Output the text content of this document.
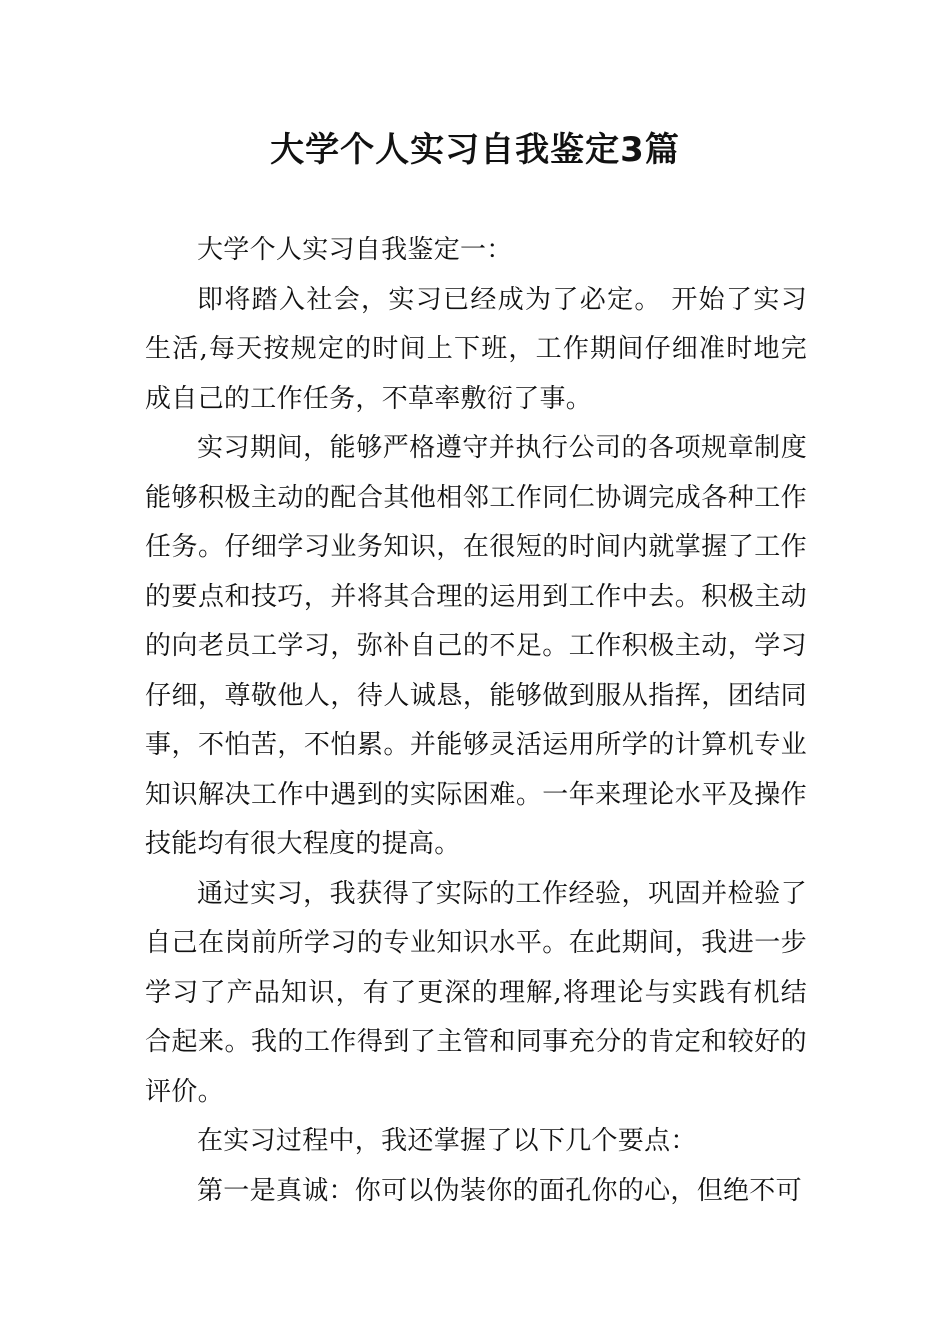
大学个人实习自我鉴定3篇

大学个人实习自我鉴定一：

即将踏入社会，实习已经成为了必定。 开始了实习生活,每天按规定的时间上下班，工作期间仔细准时地完成自己的工作任务，不草率敷衍了事。

实习期间，能够严格遵守并执行公司的各项规章制度能够积极主动的配合其他相邻工作同仁协调完成各种工作任务。仔细学习业务知识，在很短的时间内就掌握了工作的要点和技巧，并将其合理的运用到工作中去。积极主动的向老员工学习，弥补自己的不足。工作积极主动，学习仔细，尊敬他人，待人诚恳，能够做到服从指挥，团结同事，不怕苦，不怕累。并能够灵活运用所学的计算机专业知识解决工作中遇到的实际困难。一年来理论水平及操作技能均有很大程度的提高。

通过实习，我获得了实际的工作经验，巩固并检验了自己在岗前所学习的专业知识水平。在此期间，我进一步学习了产品知识，有了更深的理解,将理论与实践有机结合起来。我的工作得到了主管和同事充分的肯定和较好的评价。

在实习过程中，我还掌握了以下几个要点：

第一是真诚：你可以伪装你的面孔你的心，但绝不可
